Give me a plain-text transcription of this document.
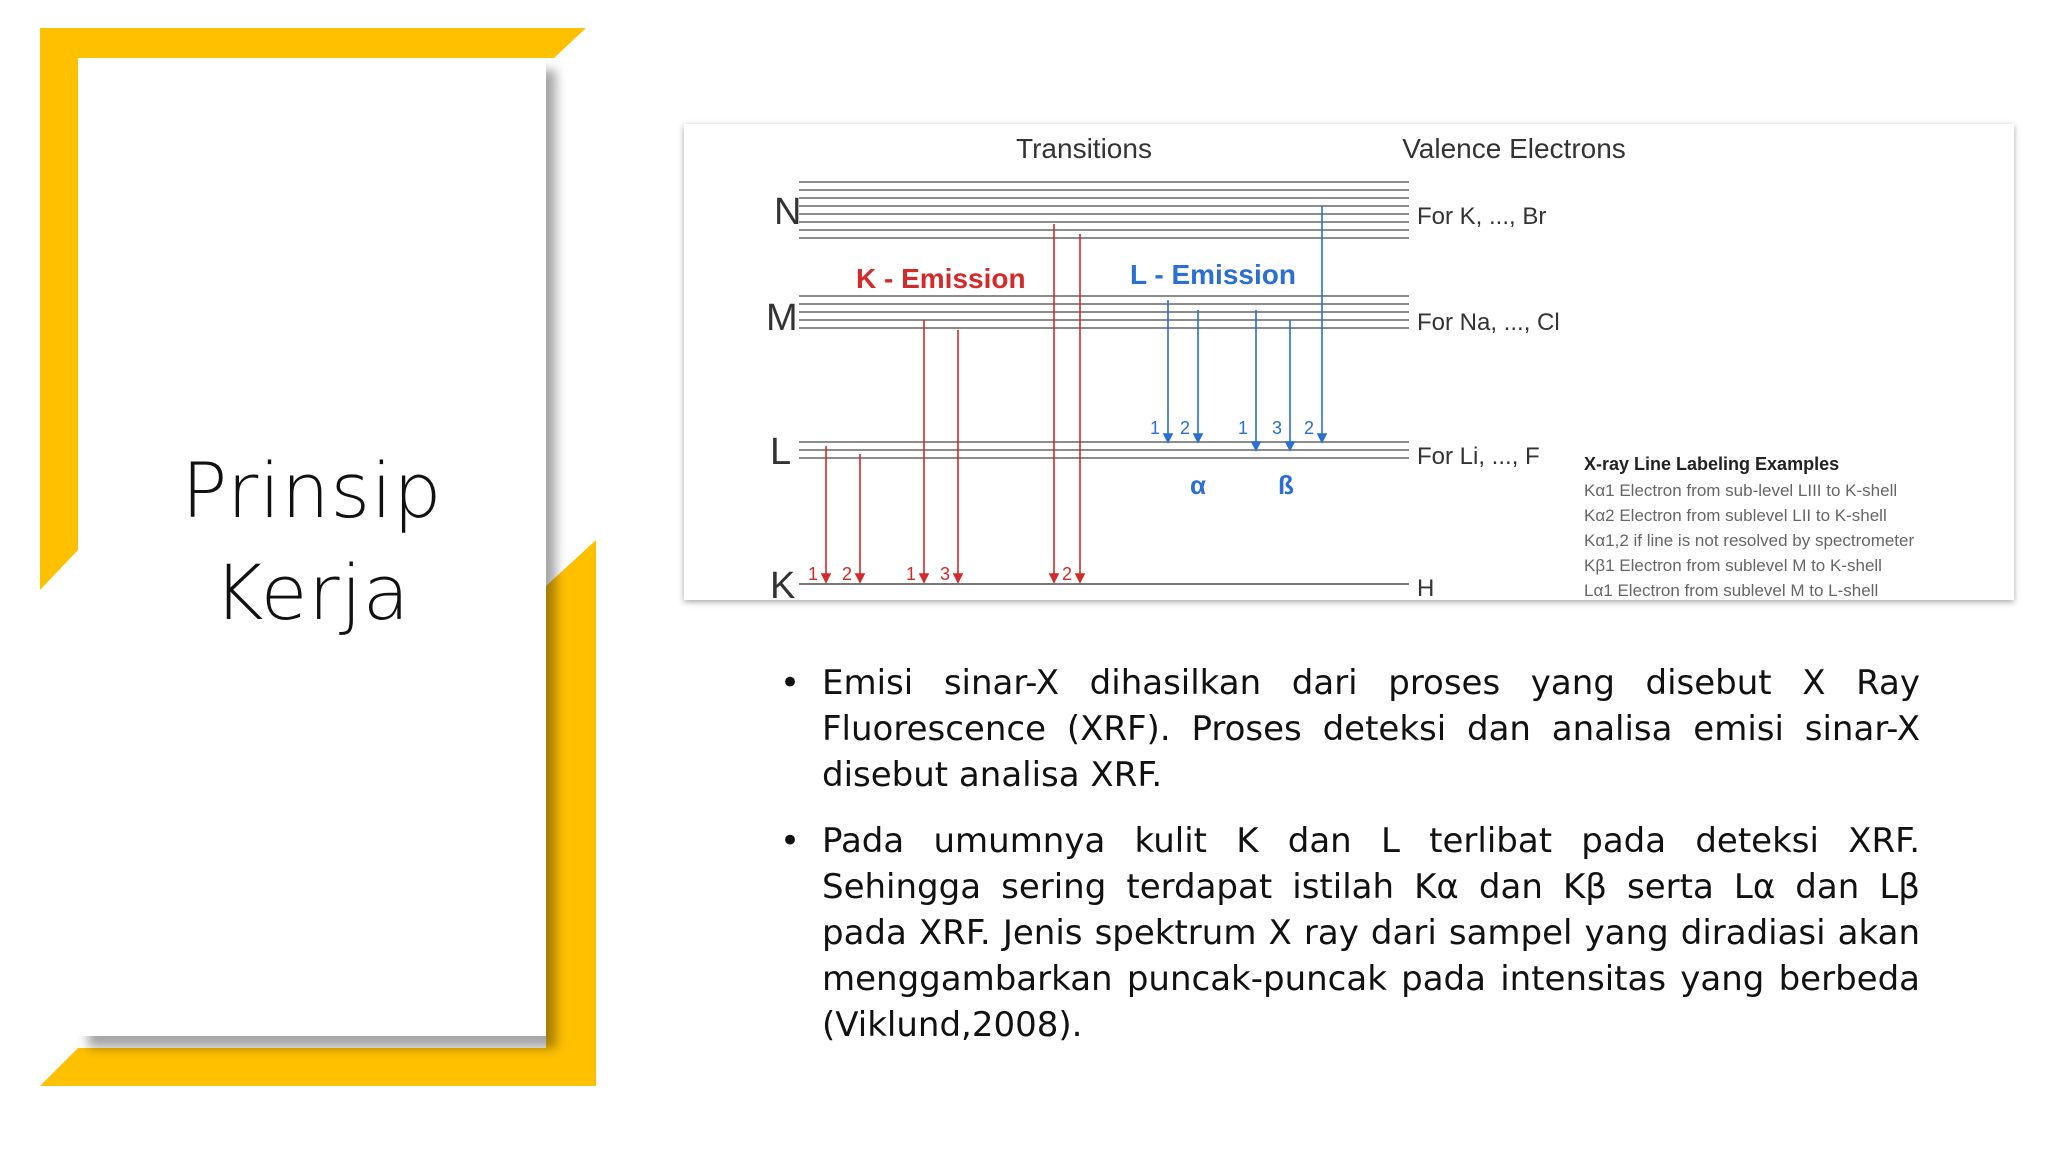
Prinsip Kerja
Transitions	Valence Electrons
N
M
L
K
K - Emission	L - Emission
For K, ..., Br
For Na, ..., Cl
For Li, ..., F
H
1 2	1 3	2
1 2	1 3 2
α	ß
X-ray Line Labeling Examples
Kα1 Electron from sub-level LIII to K-shell
Kα2 Electron from sublevel LII to K-shell
Kα1,2 if line is not resolved by spectrometer
Kβ1 Electron from sublevel M to K-shell
Lα1 Electron from sublevel M to L-shell
• Emisi sinar-X dihasilkan dari proses yang disebut X Ray Fluorescence (XRF). Proses deteksi dan analisa emisi sinar-X disebut analisa XRF.
• Pada umumnya kulit K dan L terlibat pada deteksi XRF. Sehingga sering terdapat istilah Kα dan Kβ serta Lα dan Lβ pada XRF. Jenis spektrum X ray dari sampel yang diradiasi akan menggambarkan puncak-puncak pada intensitas yang berbeda (Viklund,2008).
